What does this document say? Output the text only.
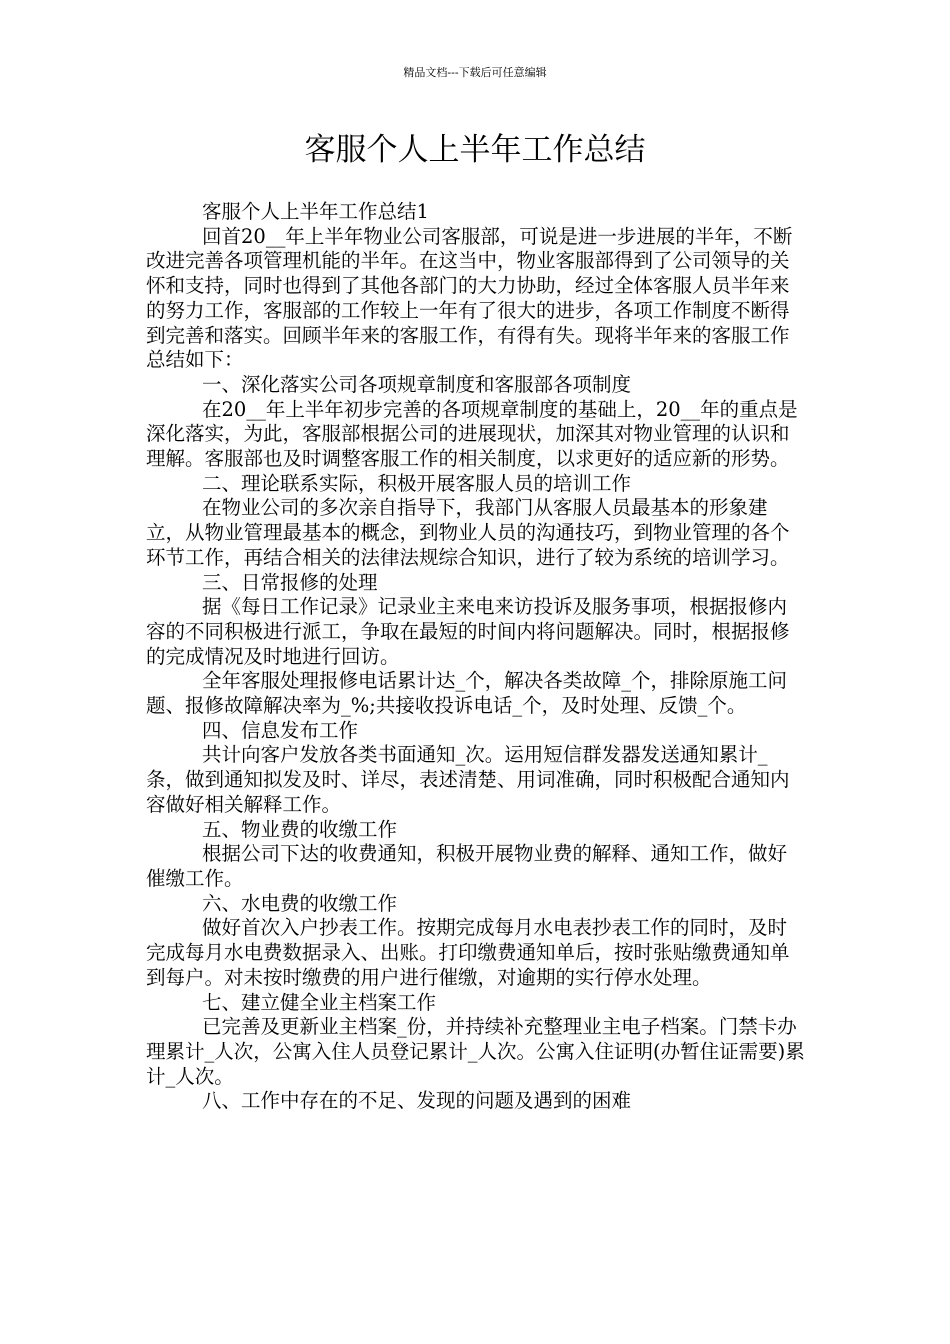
精品文档---下载后可任意编辑
客服个人上半年工作总结

客服个人上半年工作总结1

回首20__年上半年物业公司客服部，可说是进一步进展的半年，不断改进完善各项管理机能的半年。在这当中，物业客服部得到了公司领导的关怀和支持，同时也得到了其他各部门的大力协助，经过全体客服人员半年来的努力工作，客服部的工作较上一年有了很大的进步，各项工作制度不断得到完善和落实。回顾半年来的客服工作，有得有失。现将半年来的客服工作总结如下：

一、深化落实公司各项规章制度和客服部各项制度

在20__年上半年初步完善的各项规章制度的基础上，20__年的重点是深化落实，为此，客服部根据公司的进展现状，加深其对物业管理的认识和理解。客服部也及时调整客服工作的相关制度，以求更好的适应新的形势。

二、理论联系实际，积极开展客服人员的培训工作

在物业公司的多次亲自指导下，我部门从客服人员最基本的形象建立，从物业管理最基本的概念，到物业人员的沟通技巧，到物业管理的各个环节工作，再结合相关的法律法规综合知识，进行了较为系统的培训学习。

三、日常报修的处理

据《每日工作记录》记录业主来电来访投诉及服务事项，根据报修内容的不同积极进行派工，争取在最短的时间内将问题解决。同时，根据报修的完成情况及时地进行回访。

全年客服处理报修电话累计达_个，解决各类故障_个，排除原施工问题、报修故障解决率为_%;共接收投诉电话_个，及时处理、反馈_个。

四、信息发布工作

共计向客户发放各类书面通知_次。运用短信群发器发送通知累计_条，做到通知拟发及时、详尽，表述清楚、用词准确，同时积极配合通知内容做好相关解释工作。

五、物业费的收缴工作

根据公司下达的收费通知，积极开展物业费的解释、通知工作，做好催缴工作。

六、水电费的收缴工作

做好首次入户抄表工作。按期完成每月水电表抄表工作的同时，及时完成每月水电费数据录入、出账。打印缴费通知单后，按时张贴缴费通知单到每户。对未按时缴费的用户进行催缴，对逾期的实行停水处理。

七、建立健全业主档案工作

已完善及更新业主档案_份，并持续补充整理业主电子档案。门禁卡办理累计_人次，公寓入住人员登记累计_人次。公寓入住证明(办暂住证需要)累计_人次。

八、工作中存在的不足、发现的问题及遇到的困难
